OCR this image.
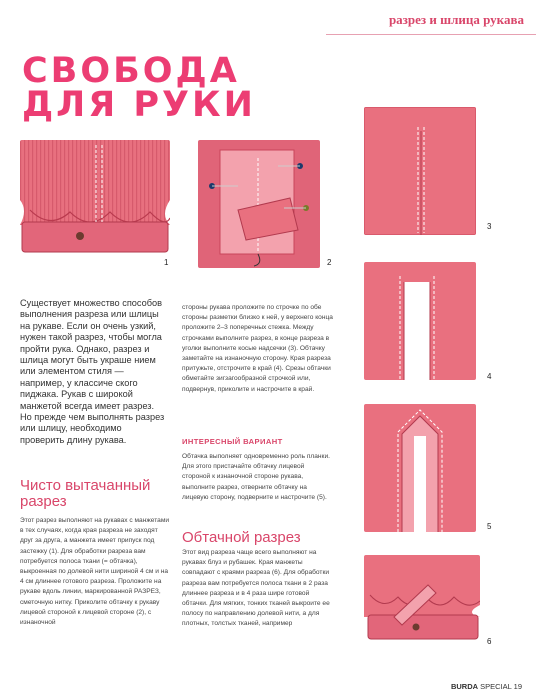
разрез и шлица рукава
СВОБОДА
ДЛЯ РУКИ
1	2
3
4
5
6
Существует множество способов выполнения разреза или шлицы на рукаве. Если он очень узкий, нужен такой разрез, чтобы могла пройти рука. Однако, разрез и шлица могут быть украше нием или элементом стиля — например, у классиче ского пиджака. Рукав с широкой манжетой всегда имеет разрез. Но прежде чем выполнять разрез или шлицу, необходимо проверить длину рукава.
Чисто вытачанный разрез
Этот разрез выполняют на рукавах с манжетами в тех случаях, когда края разреза не заходят друг за друга, а манжета имеет припуск под застежку (1). Для обработки разреза вам потребуется полоса ткани (= обтачка), выкроенная по долевой нити шириной 4 см и на 4 см длиннее готового разреза. Проложите на рукаве вдоль линии, маркированной РАЗРЕЗ, сметочную нитку. Приколите обтачку к рукаву лицевой стороной к лицевой стороне (2), с изнаночной
стороны рукава проложите по строчке по обе стороны разметки близко к ней, у верхнего конца проложите 2–3 поперечных стежка. Между строчками выполните разрез, в конце разреза в уголки выполните косые надсечки (3). Обтачку заметайте на изнаночную сторону. Края разреза притужьте, отстрочите в край (4). Срезы обтачки обметайте зигзагообразной строчкой или, подвернув, приколите и настрочите в край.
ИНТЕРЕСНЫЙ ВАРИАНТ
Обтачка выполняет одновременно роль планки. Для этого пристачайте обтачку лицевой стороной к изнаночной стороне рукава, выполните разрез, отверните обтачку на лицевую сторону, подверните и настрочите (5).
Обтачной разрез
Этот вид разреза чаще всего выполняют на рукавах блуз и рубашек. Края манжеты совпадают с краями разреза (6). Для обработки разреза вам потребуется полоса ткани в 2 раза длиннее разреза и в 4 раза шире готовой обтачки. Для мягких, тонких тканей выкроите ее полосу по направлению долевой нити, а для плотных, толстых тканей, например
BURDA SPECIAL 19
